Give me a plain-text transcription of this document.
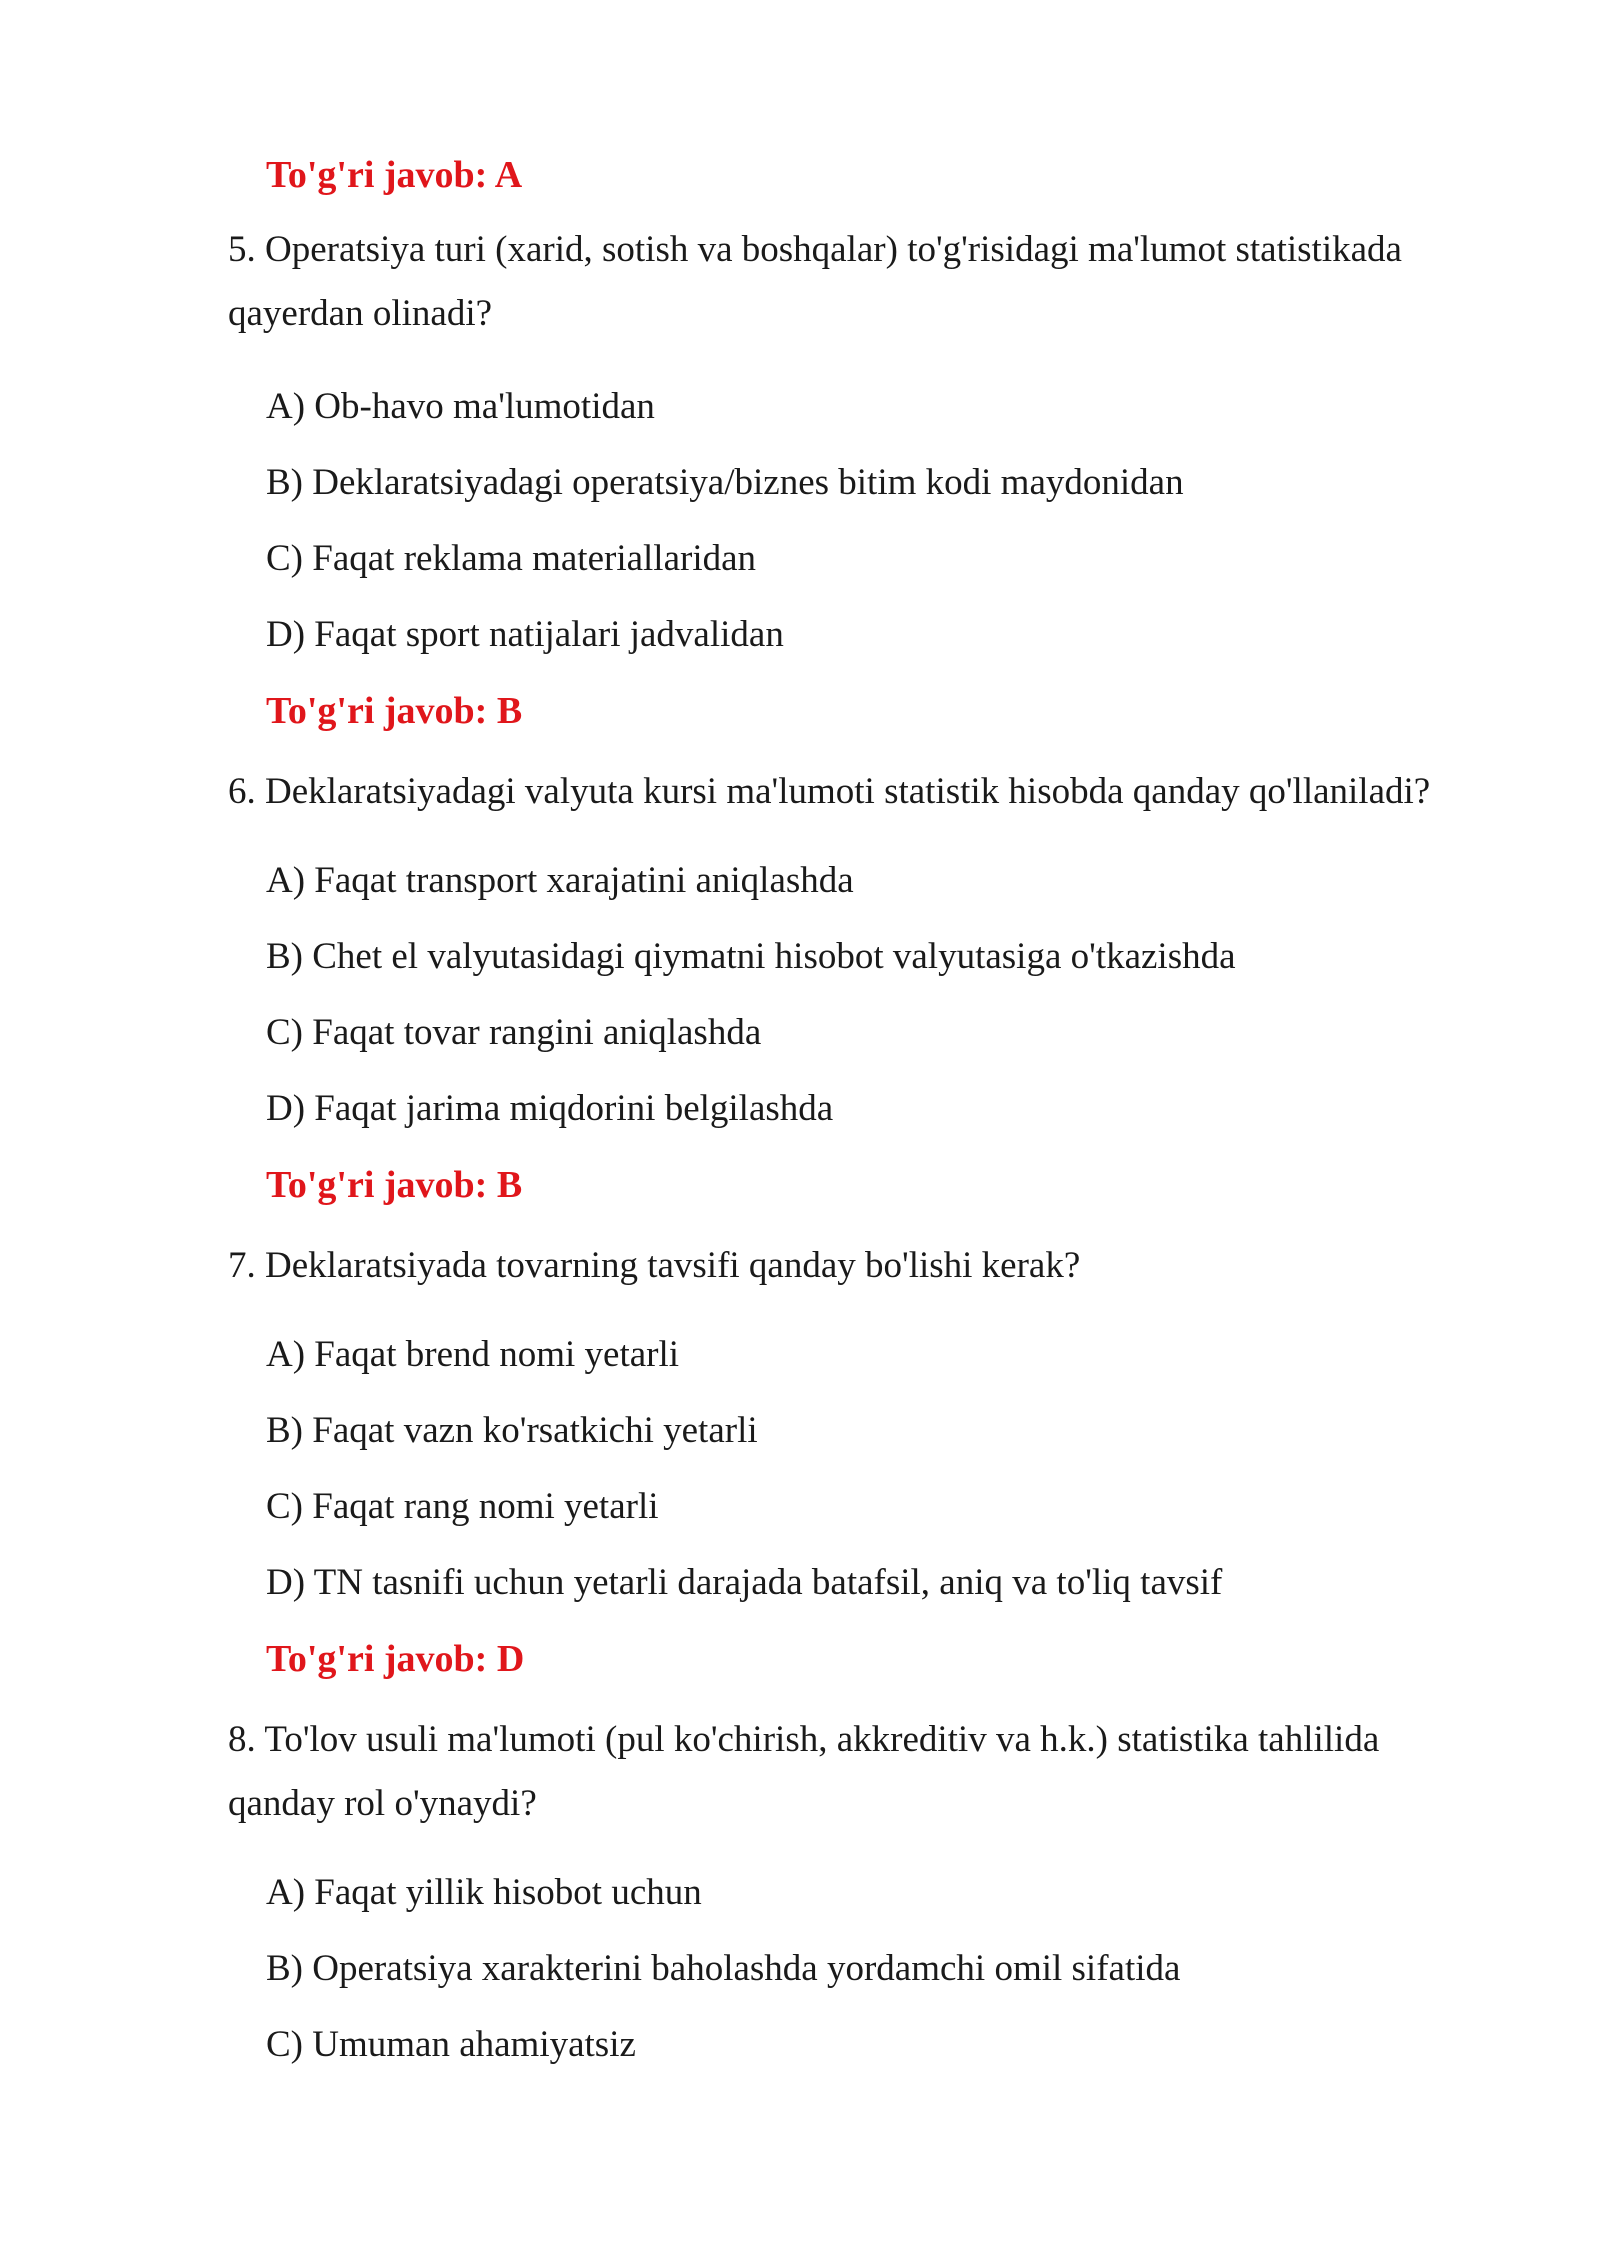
To'g'ri javob: A
5. Operatsiya turi (xarid, sotish va boshqalar) to'g'risidagi ma'lumot statistikada qayerdan olinadi?
A) Ob-havo ma'lumotidan
B) Deklaratsiyadagi operatsiya/biznes bitim kodi maydonidan
C) Faqat reklama materiallaridan
D) Faqat sport natijalari jadvalidan
To'g'ri javob: B
6. Deklaratsiyadagi valyuta kursi ma'lumoti statistik hisobda qanday qo'llaniladi?
A) Faqat transport xarajatini aniqlashda
B) Chet el valyutasidagi qiymatni hisobot valyutasiga o'tkazishda
C) Faqat tovar rangini aniqlashda
D) Faqat jarima miqdorini belgilashda
To'g'ri javob: B
7. Deklaratsiyada tovarning tavsifi qanday bo'lishi kerak?
A) Faqat brend nomi yetarli
B) Faqat vazn ko'rsatkichi yetarli
C) Faqat rang nomi yetarli
D) TN tasnifi uchun yetarli darajada batafsil, aniq va to'liq tavsif
To'g'ri javob: D
8. To'lov usuli ma'lumoti (pul ko'chirish, akkreditiv va h.k.) statistika tahlilida qanday rol o'ynaydi?
A) Faqat yillik hisobot uchun
B) Operatsiya xarakterini baholashda yordamchi omil sifatida
C) Umuman ahamiyatsiz
